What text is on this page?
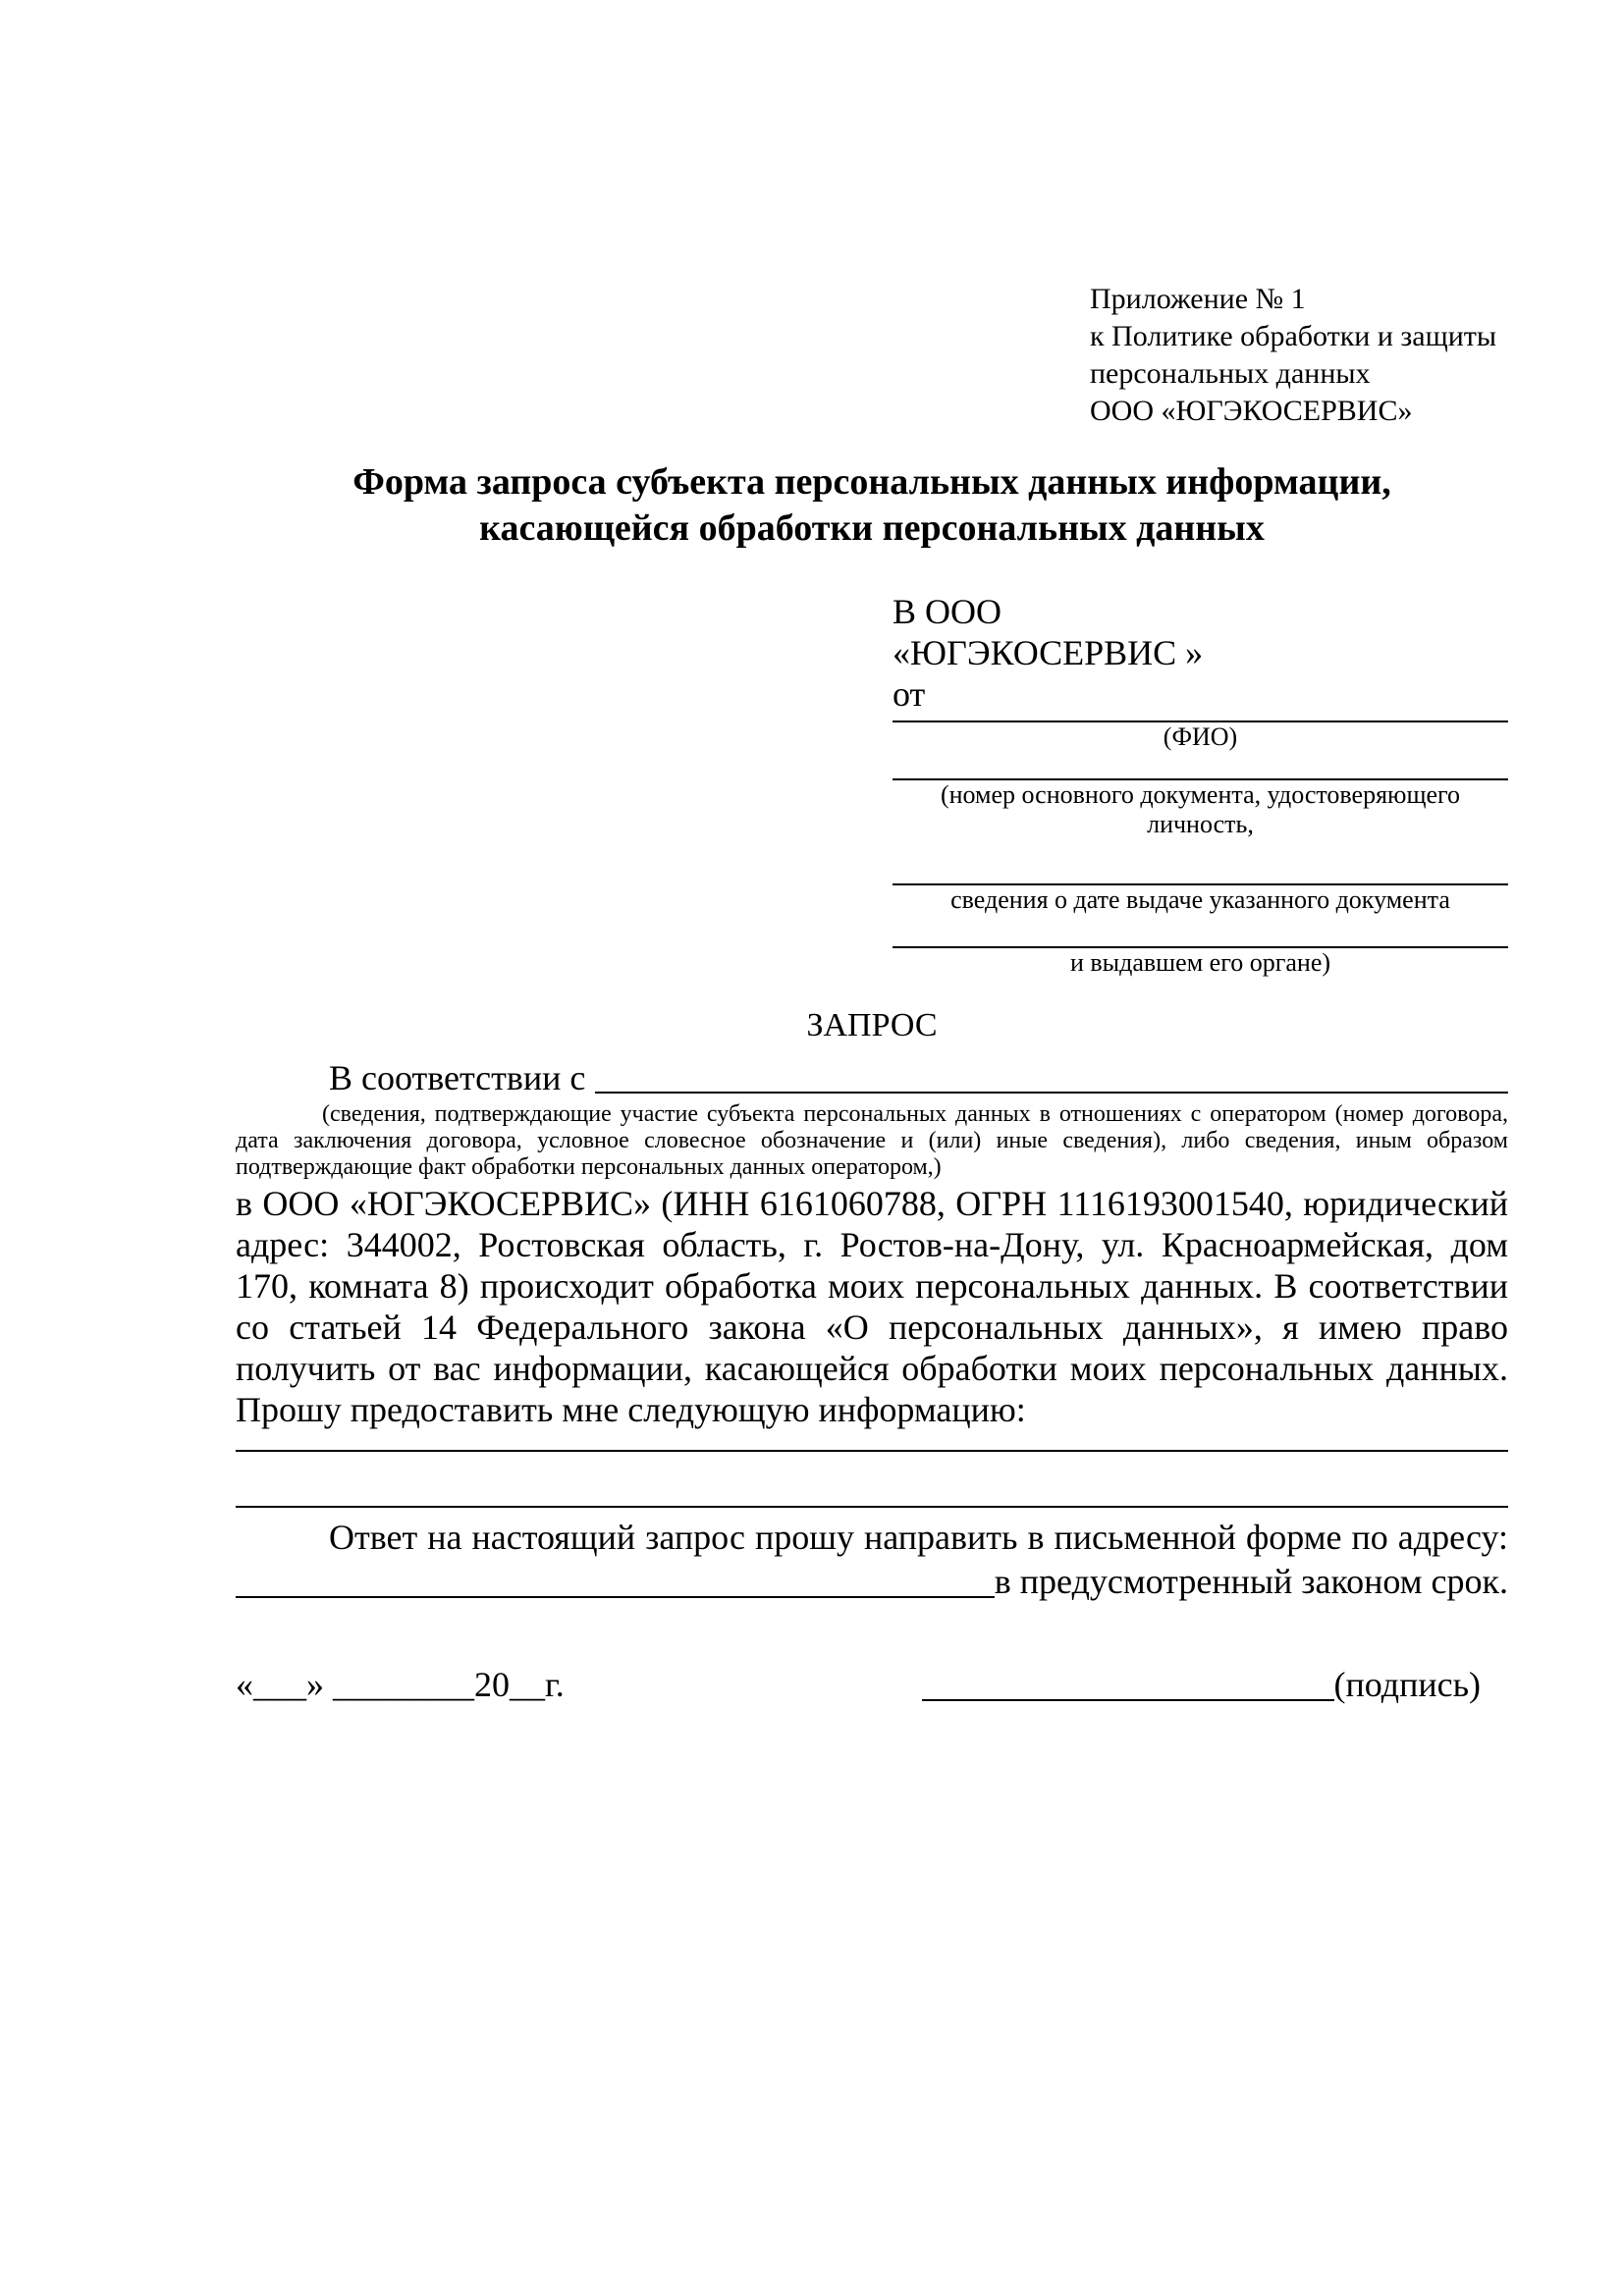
Приложение № 1
к Политике обработки и защиты
персональных данных
ООО «ЮГЭКОСЕРВИС»
Форма запроса субъекта персональных данных информации,
касающейся обработки персональных данных
В ООО
«ЮГЭКОСЕРВИС »
от
(ФИО)
(номер основного документа, удостоверяющего личность,
сведения о дате выдаче указанного документа
и выдавшем его органе)
ЗАПРОС
В соответствии с
(сведения, подтверждающие участие субъекта персональных данных в отношениях с оператором (номер договора, дата заключения договора, условное словесное обозначение и (или) иные сведения), либо сведения, иным образом подтверждающие факт обработки персональных данных оператором,)
в ООО «ЮГЭКОСЕРВИС» (ИНН 6161060788, ОГРН 1116193001540, юридический адрес: 344002, Ростовская область, г. Ростов-на-Дону, ул. Красноармейская, дом 170, комната 8) происходит обработка моих персональных данных. В соответствии со статьей 14 Федерального закона «О персональных данных», я имею право получить от вас информации, касающейся обработки моих персональных данных. Прошу предоставить мне следующую информацию:
Ответ на настоящий запрос прошу направить в письменной форме по адресу:
в предусмотренный законом срок.
«___» ________20__г.	(подпись)
